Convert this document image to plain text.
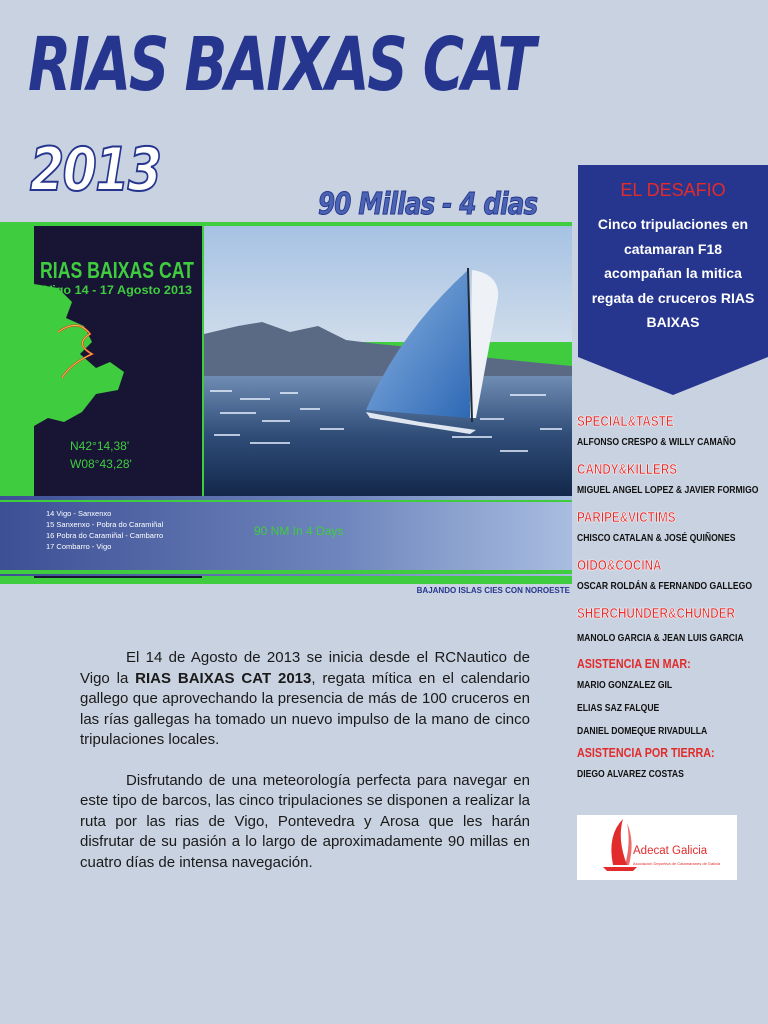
RIAS BAIXAS CAT
2013	90 Millas - 4 dias
RIAS BAIXAS CAT
Vigo 14 - 17 Agosto 2013
N42°14,38'
W08°43,28'
14 Vigo - Sanxenxo
15 Sanxenxo - Pobra do Caramiñal
16 Pobra do Caramiñal - Cambarro
17 Combarro - Vigo
90 NM In 4 Days
BAJANDO ISLAS CIES CON NOROESTE

El 14 de Agosto de 2013 se inicia desde el RCNautico de Vigo la RIAS BAIXAS CAT 2013, regata mítica en el calendario gallego que aprovechando la presencia de más de 100 cruceros en las rías gallegas ha tomado un nuevo impulso de la mano de cinco tripulaciones locales.

Disfrutando de una meteorología perfecta para navegar en este tipo de barcos, las cinco tripulaciones se disponen a realizar la ruta por las rias de Vigo, Pontevedra y Arosa que les harán disfrutar de su pasión a lo largo de aproximadamente 90 millas en cuatro días de intensa navegación.

EL DESAFIO
Cinco tripulaciones en catamaran F18 acompañan la mitica regata de cruceros RIAS BAIXAS
SPECIAL&TASTE
ALFONSO CRESPO & WILLY CAMAÑO
CANDY&KILLERS
MIGUEL ANGEL LOPEZ & JAVIER FORMIGO
PARIPE&VICTIMS
CHISCO CATALAN & JOSÉ QUIÑONES
OIDO&COCINA
OSCAR ROLDÁN & FERNANDO GALLEGO
SHERCHUNDER&CHUNDER
MANOLO GARCIA & JEAN LUIS GARCIA
ASISTENCIA EN MAR:
MARIO GONZALEZ GIL
ELIAS SAZ FALQUE
DANIEL DOMEQUE RIVADULLA
ASISTENCIA POR TIERRA:
DIEGO ALVAREZ COSTAS
Adecat Galicia
Asociación Deportiva de Catamaranes de Galicia
